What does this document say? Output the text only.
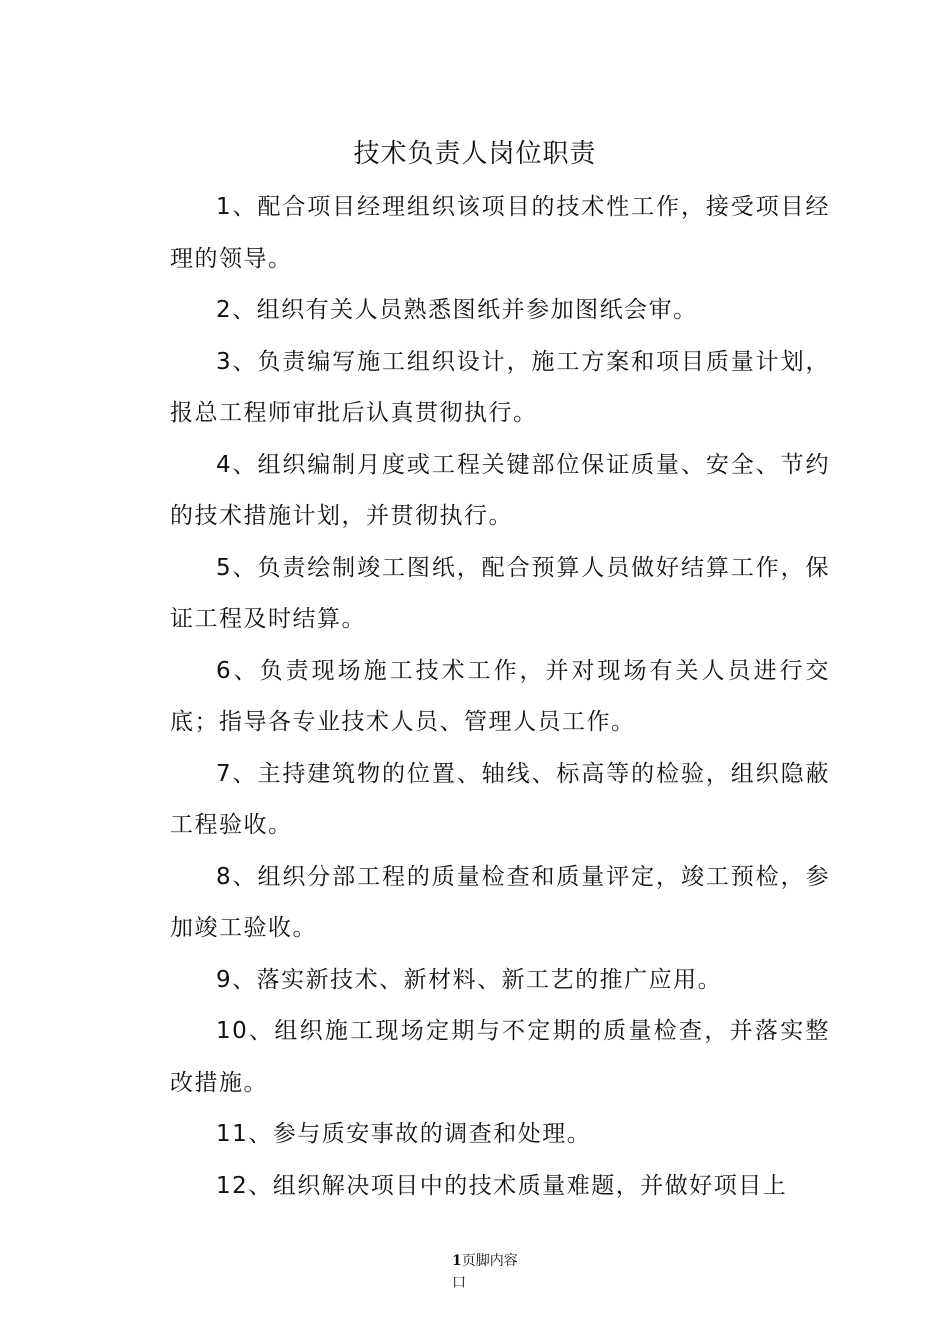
技术负责人岗位职责

1、配合项目经理组织该项目的技术性工作，接受项目经理的领导。

2、组织有关人员熟悉图纸并参加图纸会审。

3、负责编写施工组织设计，施工方案和项目质量计划，报总工程师审批后认真贯彻执行。

4、组织编制月度或工程关键部位保证质量、安全、节约的技术措施计划，并贯彻执行。

5、负责绘制竣工图纸，配合预算人员做好结算工作，保证工程及时结算。

6、负责现场施工技术工作，并对现场有关人员进行交底；指导各专业技术人员、管理人员工作。

7、主持建筑物的位置、轴线、标高等的检验，组织隐蔽工程验收。

8、组织分部工程的质量检查和质量评定，竣工预检，参加竣工验收。

9、落实新技术、新材料、新工艺的推广应用。

10、组织施工现场定期与不定期的质量检查，并落实整改措施。

11、参与质安事故的调查和处理。

12、组织解决项目中的技术质量难题，并做好项目上

1页脚内容
口
